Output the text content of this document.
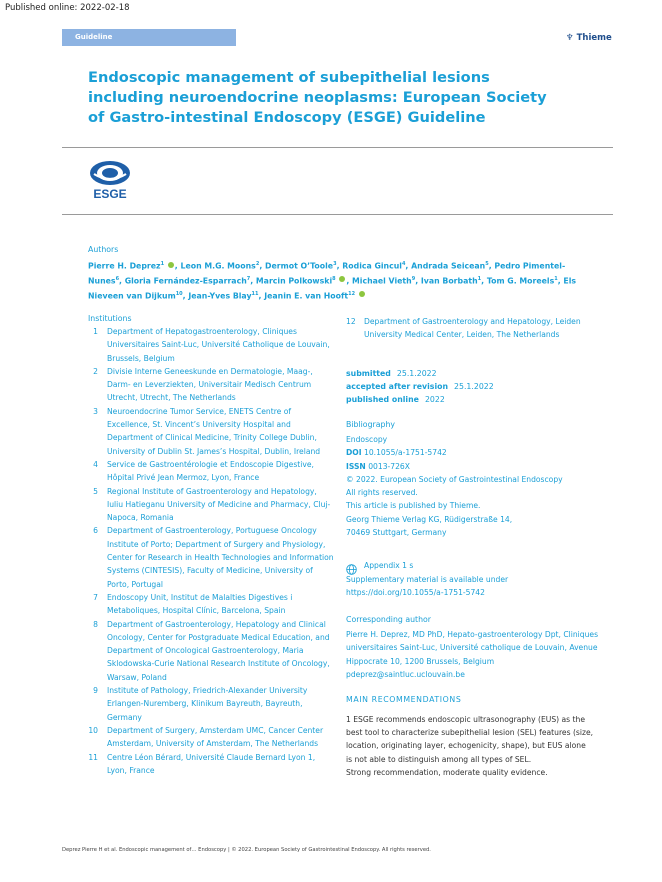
Published online: 2022-02-18
Guideline	♆ Thieme
Endoscopic management of subepithelial lesions including neuroendocrine neoplasms: European Society of Gastro-intestinal Endoscopy (ESGE) Guideline
ESGE
Authors
Pierre H. Deprez$^1$ , Leon M.G. Moons$^2$, Dermot O’Toole$^3$, Rodica Gincul$^4$, Andrada Seicean$^5$, Pedro Pimentel-Nunes$^6$, Gloria Fernández-Esparrach$^7$, Marcin Polkowski$^8$ , Michael Vieth$^9$, Ivan Borbath$^1$, Tom G. Moreels$^1$, Els Nieveen van Dijkum$^{10}$, Jean-Yves Blay$^{11}$, Jeanin E. van Hooft$^{12}$
Institutions
1 Department of Hepatogastroenterology, Cliniques Universitaires Saint-Luc, Université Catholique de Louvain, Brussels, Belgium
2 Divisie Interne Geneeskunde en Dermatologie, Maag-, Darm- en Leverziekten, Universitair Medisch Centrum Utrecht, Utrecht, The Netherlands
3 Neuroendocrine Tumor Service, ENETS Centre of Excellence, St. Vincent’s University Hospital and Department of Clinical Medicine, Trinity College Dublin, University of Dublin St. James’s Hospital, Dublin, Ireland
4 Service de Gastroentérologie et Endoscopie Digestive, Hôpital Privé Jean Mermoz, Lyon, France
5 Regional Institute of Gastroenterology and Hepatology, Iuliu Hatieganu University of Medicine and Pharmacy, Cluj-Napoca, Romania
6 Department of Gastroenterology, Portuguese Oncology Institute of Porto; Department of Surgery and Physiology, Center for Research in Health Technologies and Information Systems (CINTESIS), Faculty of Medicine, University of Porto, Portugal
7 Endoscopy Unit, Institut de Malalties Digestives i Metaboliques, Hospital Clínic, Barcelona, Spain
8 Department of Gastroenterology, Hepatology and Clinical Oncology, Center for Postgraduate Medical Education, and Department of Oncological Gastroenterology, Maria Sklodowska-Curie National Research Institute of Oncology, Warsaw, Poland
9 Institute of Pathology, Friedrich-Alexander University Erlangen-Nuremberg, Klinikum Bayreuth, Bayreuth, Germany
10 Department of Surgery, Amsterdam UMC, Cancer Center Amsterdam, University of Amsterdam, The Netherlands
11 Centre Léon Bérard, Université Claude Bernard Lyon 1, Lyon, France
12 Department of Gastroenterology and Hepatology, Leiden University Medical Center, Leiden, The Netherlands
submitted 25.1.2022
accepted after revision 25.1.2022
published online 2022
Bibliography
Endoscopy
DOI 10.1055/a-1751-5742
ISSN 0013-726X
© 2022. European Society of Gastrointestinal Endoscopy
All rights reserved.
This article is published by Thieme.
Georg Thieme Verlag KG, Rüdigerstraße 14,
70469 Stuttgart, Germany
Appendix 1 s
Supplementary material is available under
https://doi.org/10.1055/a-1751-5742
Corresponding author
Pierre H. Deprez, MD PhD, Hepato-gastroenterology Dpt, Cliniques universitaires Saint-Luc, Université catholique de Louvain, Avenue Hippocrate 10, 1200 Brussels, Belgium
pdeprez@saintluc.uclouvain.be
MAIN RECOMMENDATIONS
1 ESGE recommends endoscopic ultrasonography (EUS) as the best tool to characterize subepithelial lesion (SEL) features (size, location, originating layer, echogenicity, shape), but EUS alone is not able to distinguish among all types of SEL.
Strong recommendation, moderate quality evidence.
Deprez Pierre H et al. Endoscopic management of… Endoscopy | © 2022. European Society of Gastrointestinal Endoscopy. All rights reserved.
